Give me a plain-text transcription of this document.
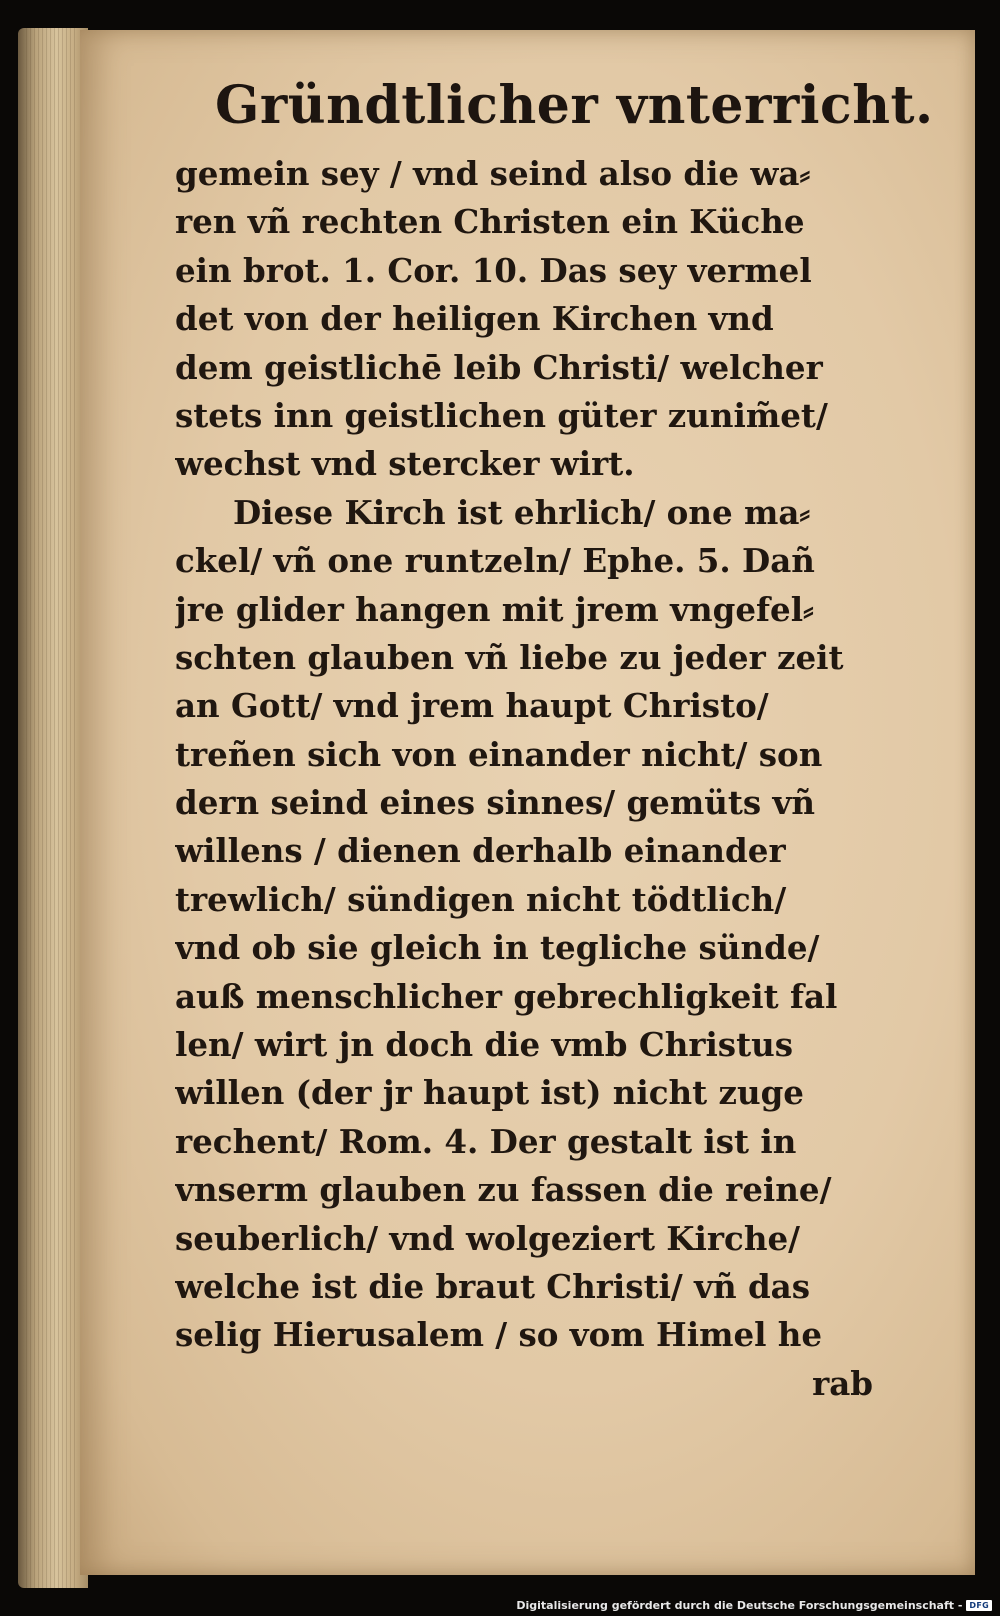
Gründtlicher vnterricht.
gemein sey / vnd seind also die wa⸗
ren vñ rechten Christen ein Küche
ein brot. 1. Cor. 10. Das sey vermel
det von der heiligen Kirchen vnd
dem geistlichē leib Christi/ welcher
stets inn geistlichen güter zunim̃et/
wechst vnd stercker wirt.
Diese Kirch ist ehrlich/ one ma⸗
ckel/ vñ one runtzeln/ Ephe. 5. Dañ
jre glider hangen mit jrem vngefel⸗
schten glauben vñ liebe zu jeder zeit
an Gott/ vnd jrem haupt Christo/
treñen sich von einander nicht/ son
dern seind eines sinnes/ gemüts vñ
willens / dienen derhalb einander
trewlich/ sündigen nicht tödtlich/
vnd ob sie gleich in tegliche sünde/
auß menschlicher gebrechligkeit fal
len/ wirt jn doch die vmb Christus
willen (der jr haupt ist) nicht zuge
rechent/ Rom. 4. Der gestalt ist in
vnserm glauben zu fassen die reine/
seuberlich/ vnd wolgeziert Kirche/
welche ist die braut Christi/ vñ das
selig Hierusalem / so vom Himel he
rab
Digitalisierung gefördert durch die Deutsche Forschungsgemeinschaft - DFG
